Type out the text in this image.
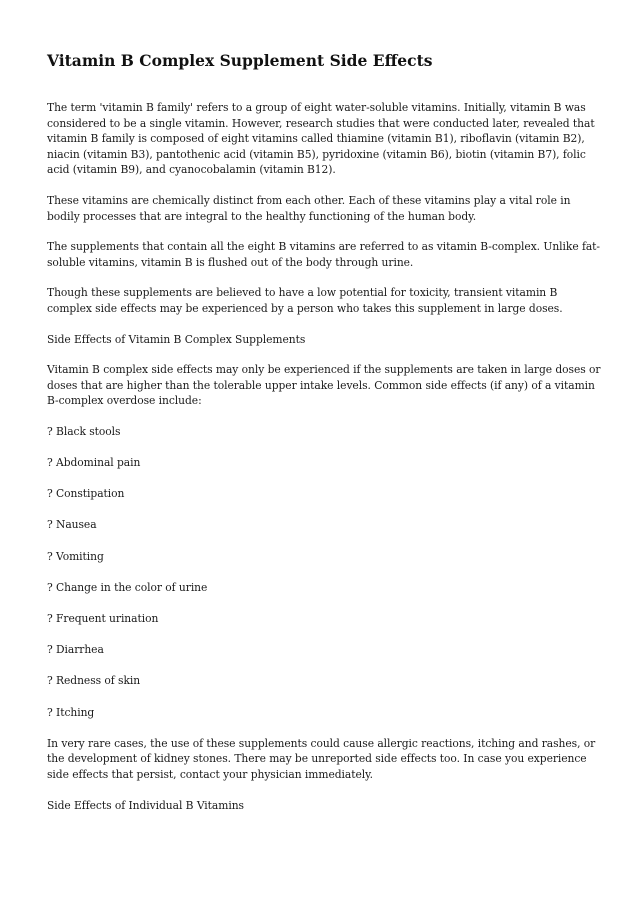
Vitamin B Complex Supplement Side Effects

The term 'vitamin B family' refers to a group of eight water-soluble vitamins. Initially, vitamin B was considered to be a single vitamin. However, research studies that were conducted later, revealed that vitamin B family is composed of eight vitamins called thiamine (vitamin B1), riboflavin (vitamin B2), niacin (vitamin B3), pantothenic acid (vitamin B5), pyridoxine (vitamin B6), biotin (vitamin B7), folic acid (vitamin B9), and cyanocobalamin (vitamin B12).

These vitamins are chemically distinct from each other. Each of these vitamins play a vital role in bodily processes that are integral to the healthy functioning of the human body.

The supplements that contain all the eight B vitamins are referred to as vitamin B-complex. Unlike fat-soluble vitamins, vitamin B is flushed out of the body through urine.

Though these supplements are believed to have a low potential for toxicity, transient vitamin B complex side effects may be experienced by a person who takes this supplement in large doses.

Side Effects of Vitamin B Complex Supplements

Vitamin B complex side effects may only be experienced if the supplements are taken in large doses or doses that are higher than the tolerable upper intake levels. Common side effects (if any) of a vitamin B-complex overdose include:

? Black stools

? Abdominal pain

? Constipation

? Nausea

? Vomiting

? Change in the color of urine

? Frequent urination

? Diarrhea

? Redness of skin

? Itching

In very rare cases, the use of these supplements could cause allergic reactions, itching and rashes, or the development of kidney stones. There may be unreported side effects too. In case you experience side effects that persist, contact your physician immediately.

Side Effects of Individual B Vitamins
